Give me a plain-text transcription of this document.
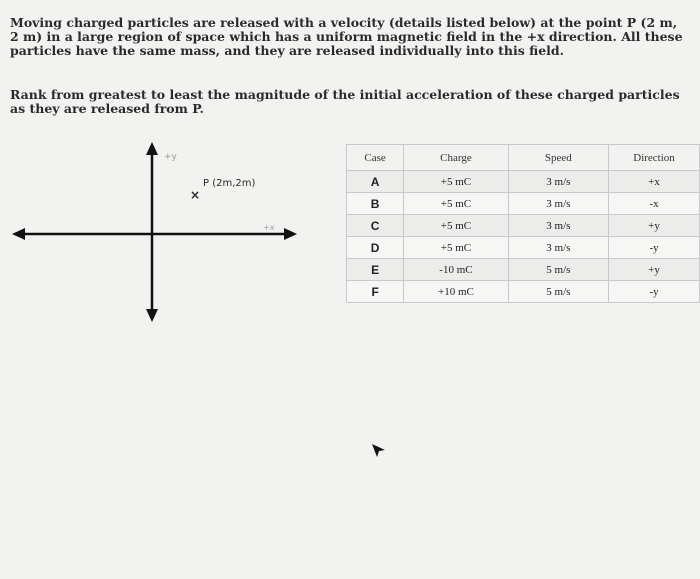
Moving charged particles are released with a velocity (details listed below) at the point P (2 m, 2 m) in a large region of space which has a uniform magnetic field in the +x direction. All these particles have the same mass, and they are released individually into this field.

Rank from greatest to least the magnitude of the initial acceleration of these charged particles as they are released from P.

+y
+x
×
P (2m,2m)
Case	Charge	Speed	Direction
A	+5 mC	3 m/s	+x
B	+5 mC	3 m/s	-x
C	+5 mC	3 m/s	+y
D	+5 mC	3 m/s	-y
E	-10 mC	5 m/s	+y
F	+10 mC	5 m/s	-y
